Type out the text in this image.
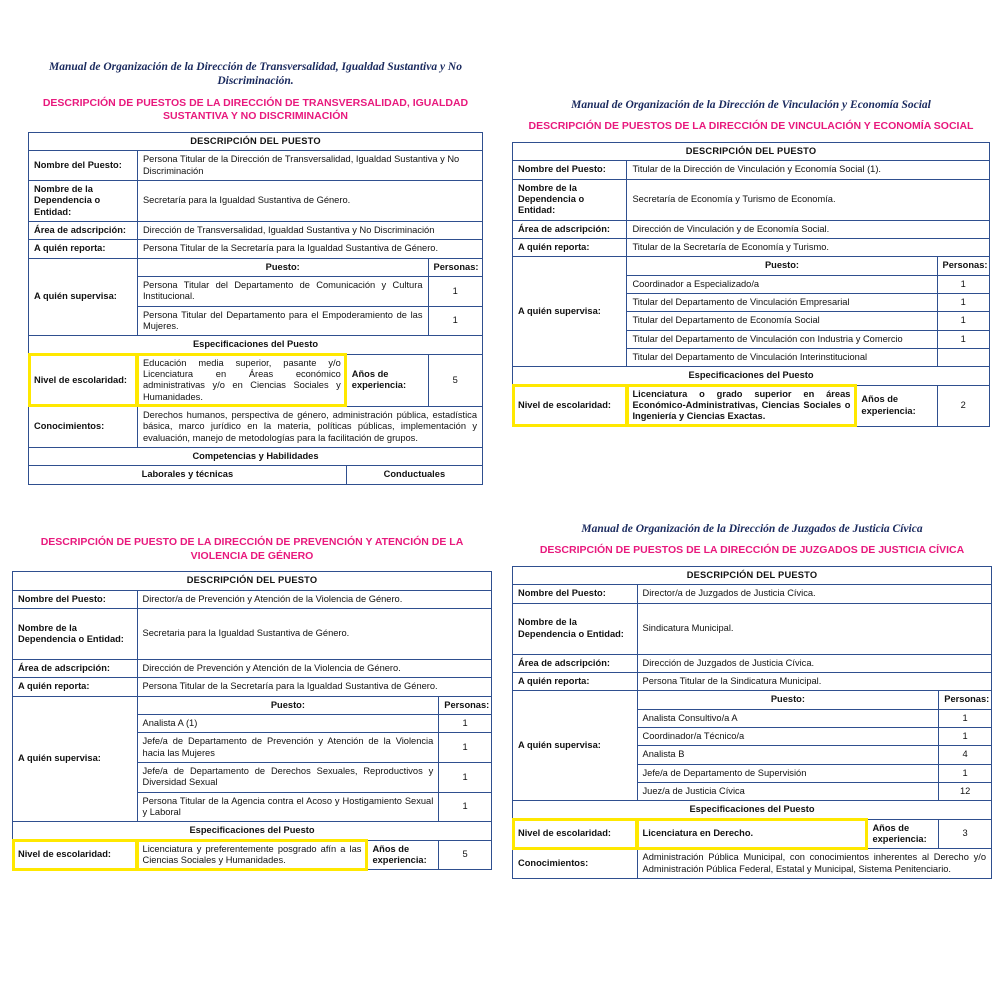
Manual de Organización de la Dirección de Transversalidad, Igualdad Sustantiva y No Discriminación.
DESCRIPCIÓN DE PUESTOS DE LA DIRECCIÓN DE TRANSVERSALIDAD, IGUALDAD SUSTANTIVA Y NO DISCRIMINACIÓN
DESCRIPCIÓN DEL PUESTO			
Nombre del Puesto:	Persona Titular de la Dirección de Transversalidad, Igualdad Sustantiva y No Discriminación		
Nombre de la Dependencia o Entidad:	Secretaría para la Igualdad Sustantiva de Género.		
Área de adscripción:	Dirección de Transversalidad, Igualdad Sustantiva y No Discriminación		
A quién reporta:	Persona Titular de la Secretaría para la Igualdad Sustantiva de Género.		
A quién supervisa:	Puesto:		Personas:
	Persona Titular del Departamento de Comunicación y Cultura Institucional.		1
	Persona Titular del Departamento para el Empoderamiento de las Mujeres.		1
Especificaciones del Puesto			
Nivel de escolaridad:	Educación media superior, pasante y/o Licenciatura en Áreas económico administrativas y/o en Ciencias Sociales y Humanidades.	Años de experiencia:	5
Conocimientos:	Derechos humanos, perspectiva de género, administración pública, estadística básica, marco jurídico en la materia, políticas públicas, implementación y evaluación, manejo de metodologías para la facilitación de grupos.		
Competencias y Habilidades			
Laborales y técnicas		Conductuales	
Manual de Organización de la Dirección de Vinculación y Economía Social
DESCRIPCIÓN DE PUESTOS DE LA DIRECCIÓN DE VINCULACIÓN Y ECONOMÍA SOCIAL
DESCRIPCIÓN DEL PUESTO			
Nombre del Puesto:	Titular de la Dirección de Vinculación y Economía Social (1).		
Nombre de la Dependencia o Entidad:	Secretaría de Economía y Turismo de Economía.		
Área de adscripción:	Dirección de Vinculación y de Economía Social.		
A quién reporta:	Titular de la Secretaría de Economía y Turismo.		
A quién supervisa:	Puesto:		Personas:
	Coordinador a Especializado/a		1
	Titular del Departamento de Vinculación Empresarial		1
	Titular del Departamento de Economía Social		1
	Titular del Departamento de Vinculación con Industria y Comercio		1
	Titular del Departamento de Vinculación Interinstitucional		
Especificaciones del Puesto			
Nivel de escolaridad:	Licenciatura o grado superior en áreas Económico-Administrativas, Ciencias Sociales o Ingeniería y Ciencias Exactas.	Años de experiencia:	2
DESCRIPCIÓN DE PUESTO DE LA DIRECCIÓN DE PREVENCIÓN Y ATENCIÓN DE LA VIOLENCIA DE GÉNERO
DESCRIPCIÓN DEL PUESTO			
Nombre del Puesto:	Director/a de Prevención y Atención de la Violencia de Género.		
Nombre de la Dependencia o Entidad:	Secretaria para la Igualdad Sustantiva de Género.		
Área de adscripción:	Dirección de Prevención y Atención de la Violencia de Género.		
A quién reporta:	Persona Titular de la Secretaría para la Igualdad Sustantiva de Género.		
A quién supervisa:	Puesto:		Personas:
	Analista A (1)		1
	Jefe/a de Departamento de Prevención y Atención de la Violencia hacia las Mujeres		1
	Jefe/a de Departamento de Derechos Sexuales, Reproductivos y Diversidad Sexual		1
	Persona Titular de la Agencia contra el Acoso y Hostigamiento Sexual y Laboral		1
Especificaciones del Puesto			
Nivel de escolaridad:	Licenciatura y preferentemente posgrado afín a las Ciencias Sociales y Humanidades.	Años de experiencia:	5
Manual de Organización de la Dirección de Juzgados de Justicia Cívica
DESCRIPCIÓN DE PUESTOS DE LA DIRECCIÓN DE JUZGADOS DE JUSTICIA CÍVICA
DESCRIPCIÓN DEL PUESTO			
Nombre del Puesto:	Director/a de Juzgados de Justicia Cívica.		
Nombre de la Dependencia o Entidad:	Sindicatura Municipal.		
Área de adscripción:	Dirección de Juzgados de Justicia Cívica.		
A quién reporta:	Persona Titular de la Sindicatura Municipal.		
A quién supervisa:	Puesto:		Personas:
	Analista Consultivo/a A		1
	Coordinador/a Técnico/a		1
	Analista B		4
	Jefe/a de Departamento de Supervisión		1
	Juez/a de Justicia Cívica		12
Especificaciones del Puesto			
Nivel de escolaridad:	Licenciatura en Derecho.	Años de experiencia:	3
Conocimientos:	Administración Pública Municipal, con conocimientos inherentes al Derecho y/o Administración Pública Federal, Estatal y Municipal, Sistema Penitenciario.		
